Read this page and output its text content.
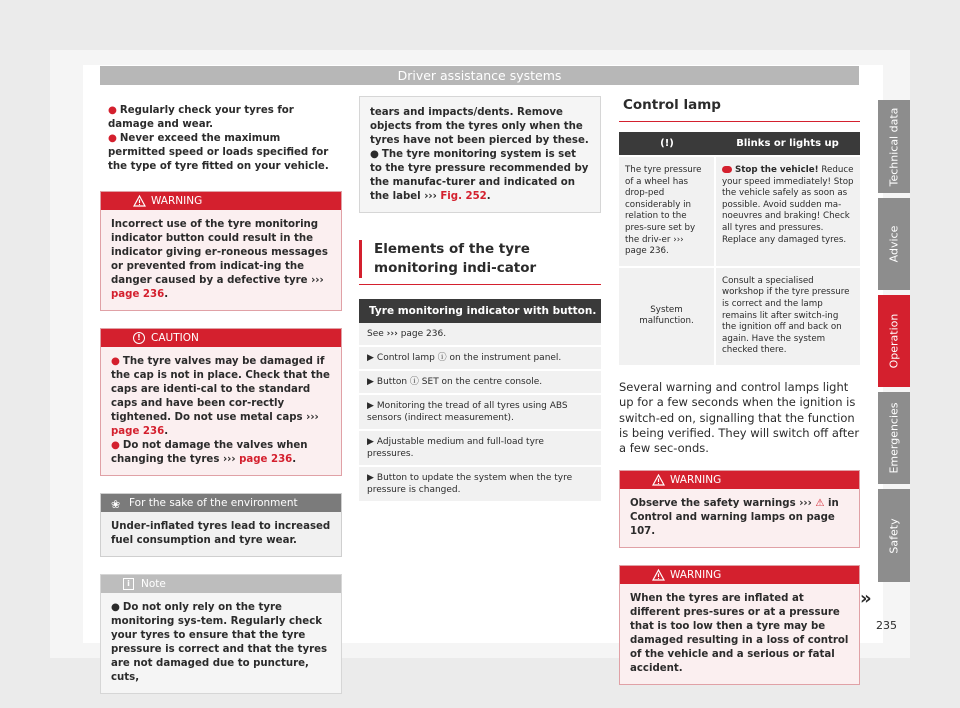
Driver assistance systems
● Regularly check your tyres for damage and wear.
● Never exceed the maximum permitted speed or loads specified for the type of tyre fitted on your vehicle.
WARNING
Incorrect use of the tyre monitoring indicator button could result in the indicator giving er-roneous messages or prevented from indicat-ing the danger caused by a defective tyre ››› page 236.
! CAUTION
● The tyre valves may be damaged if the cap is not in place. Check that the caps are identi-cal to the standard caps and have been cor-rectly tightened. Do not use metal caps ››› page 236.
● Do not damage the valves when changing the tyres ››› page 236.
❀ For the sake of the environment
Under-inflated tyres lead to increased fuel consumption and tyre wear.
i	Note
● Do not only rely on the tyre monitoring sys-tem. Regularly check your tyres to ensure that the tyre pressure is correct and that the tyres are not damaged due to puncture, cuts,
tears and impacts/dents. Remove objects from the tyres only when the tyres have not been pierced by these.
● The tyre monitoring system is set to the tyre pressure recommended by the manufac-turer and indicated on the label ››› Fig. 252.
Elements of the tyre monitoring indi-cator
Tyre monitoring indicator with button.
See ››› page 236.
▶ Control lamp ⓘ on the instrument panel.
▶ Button ⓘ SET on the centre console.
▶ Monitoring the tread of all tyres using ABS sensors (indirect measurement).
▶ Adjustable medium and full-load tyre pressures.
▶ Button to update the system when the tyre pressure is changed.
Control lamp
(!)	Blinks or lights up
The tyre pressure of a wheel has drop-ped considerably in relation to the pres-sure set by the driv-er ››› page 236.	Stop the vehicle! Reduce your speed immediately! Stop the vehicle safely as soon as possible. Avoid sudden ma-noeuvres and braking! Check all tyres and pressures. Replace any damaged tyres.
System malfunction.	Consult a specialised workshop if the tyre pressure is correct and the lamp remains lit after switch-ing the ignition off and back on again. Have the system checked there.
Several warning and control lamps light up for a few seconds when the ignition is switch-ed on, signalling that the function is being verified. They will switch off after a few sec-onds.
WARNING
Observe the safety warnings ››› ⚠ in Control and warning lamps on page 107.
WARNING
When the tyres are inflated at different pres-sures or at a pressure that is too low then a tyre may be damaged resulting in a loss of control of the vehicle and a serious or fatal accident.
»
Technical data
Advice
Operation
Emergencies
Safety
235
